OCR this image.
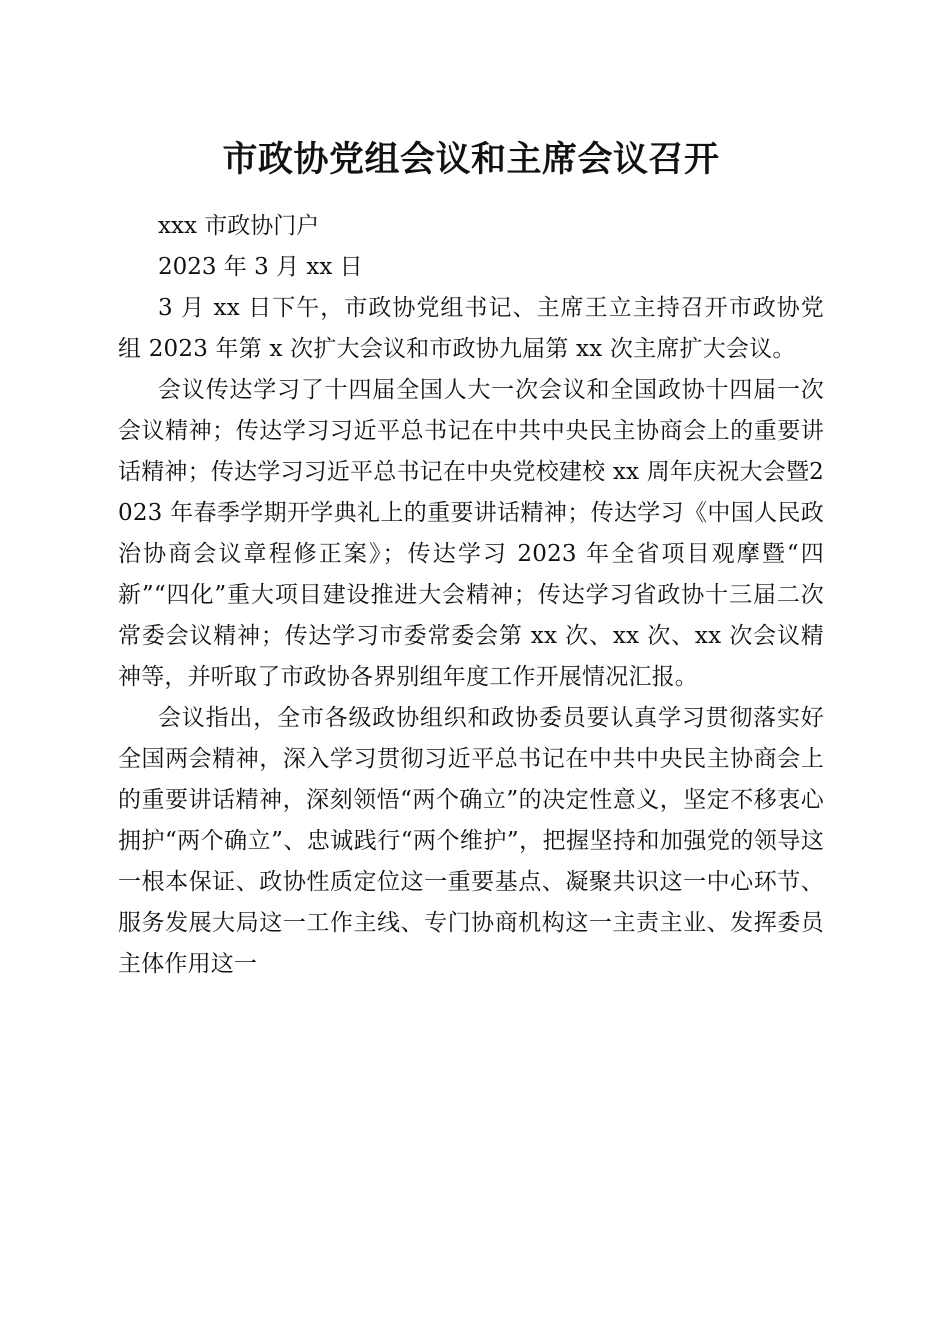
市政协党组会议和主席会议召开

xxx 市政协门户

2023 年 3 月 xx 日

3 月 xx 日下午，市政协党组书记、主席王立主持召开市政协党组 2023 年第 x 次扩大会议和市政协九届第 xx 次主席扩大会议。

会议传达学习了十四届全国人大一次会议和全国政协十四届一次会议精神；传达学习习近平总书记在中共中央民主协商会上的重要讲话精神；传达学习习近平总书记在中央党校建校 xx 周年庆祝大会暨2023 年春季学期开学典礼上的重要讲话精神；传达学习《中国人民政治协商会议章程修正案》；传达学习 2023 年全省项目观摩暨“四新”“四化”重大项目建设推进大会精神；传达学习省政协十三届二次常委会议精神；传达学习市委常委会第 xx 次、xx 次、xx 次会议精神等，并听取了市政协各界别组年度工作开展情况汇报。

会议指出，全市各级政协组织和政协委员要认真学习贯彻落实好全国两会精神，深入学习贯彻习近平总书记在中共中央民主协商会上的重要讲话精神，深刻领悟“两个确立”的决定性意义，坚定不移衷心拥护“两个确立”、忠诚践行“两个维护”，把握坚持和加强党的领导这一根本保证、政协性质定位这一重要基点、凝聚共识这一中心环节、服务发展大局这一工作主线、专门协商机构这一主责主业、发挥委员主体作用这一
